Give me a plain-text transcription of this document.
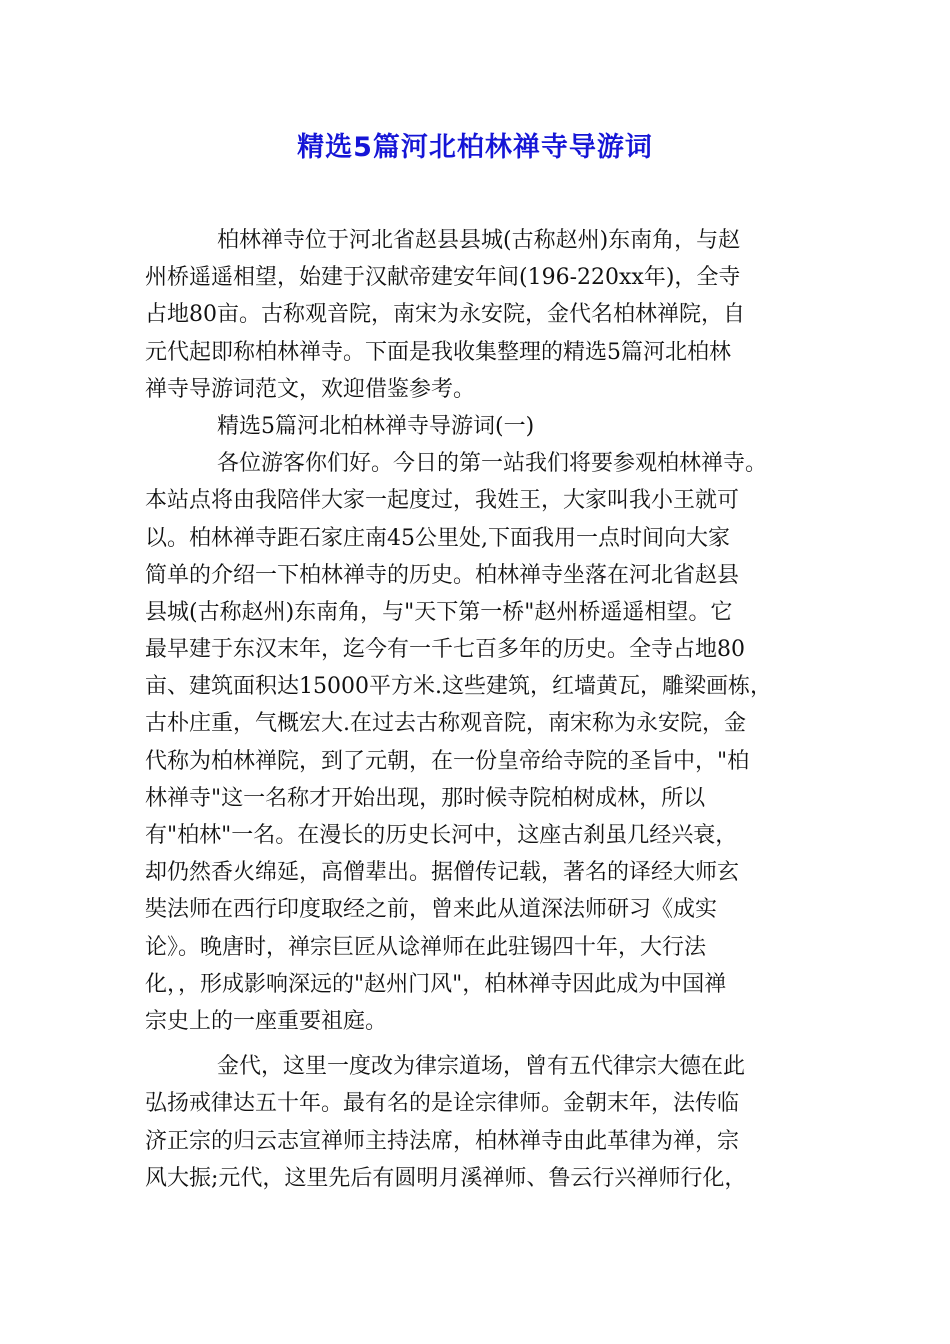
精选5篇河北柏林禅寺导游词
柏林禅寺位于河北省赵县县城(古称赵州)东南角，与赵
州桥遥遥相望，始建于汉献帝建安年间(196-220xx年)，全寺
占地80亩。古称观音院，南宋为永安院，金代名柏林禅院，自
元代起即称柏林禅寺。下面是我收集整理的精选5篇河北柏林
禅寺导游词范文，欢迎借鉴参考。
精选5篇河北柏林禅寺导游词(一)
各位游客你们好。今日的第一站我们将要参观柏林禅寺。
本站点将由我陪伴大家一起度过，我姓王，大家叫我小王就可
以。柏林禅寺距石家庄南45公里处,下面我用一点时间向大家
简单的介绍一下柏林禅寺的历史。柏林禅寺坐落在河北省赵县
县城(古称赵州)东南角，与"天下第一桥"赵州桥遥遥相望。它
最早建于东汉末年，迄今有一千七百多年的历史。全寺占地80
亩、建筑面积达15000平方米.这些建筑，红墙黄瓦，雕梁画栋，
古朴庄重，气概宏大.在过去古称观音院，南宋称为永安院，金
代称为柏林禅院，到了元朝，在一份皇帝给寺院的圣旨中，"柏
林禅寺"这一名称才开始出现，那时候寺院柏树成林，所以
有"柏林"一名。在漫长的历史长河中，这座古刹虽几经兴衰，
却仍然香火绵延，高僧辈出。据僧传记载，著名的译经大师玄
奘法师在西行印度取经之前，曾来此从道深法师研习《成实
论》。晚唐时，禅宗巨匠从谂禅师在此驻锡四十年，大行法
化，，形成影响深远的"赵州门风"，柏林禅寺因此成为中国禅
宗史上的一座重要祖庭。
金代，这里一度改为律宗道场，曾有五代律宗大德在此
弘扬戒律达五十年。最有名的是诠宗律师。金朝末年，法传临
济正宗的归云志宣禅师主持法席，柏林禅寺由此革律为禅，宗
风大振;元代，这里先后有圆明月溪禅师、鲁云行兴禅师行化，
